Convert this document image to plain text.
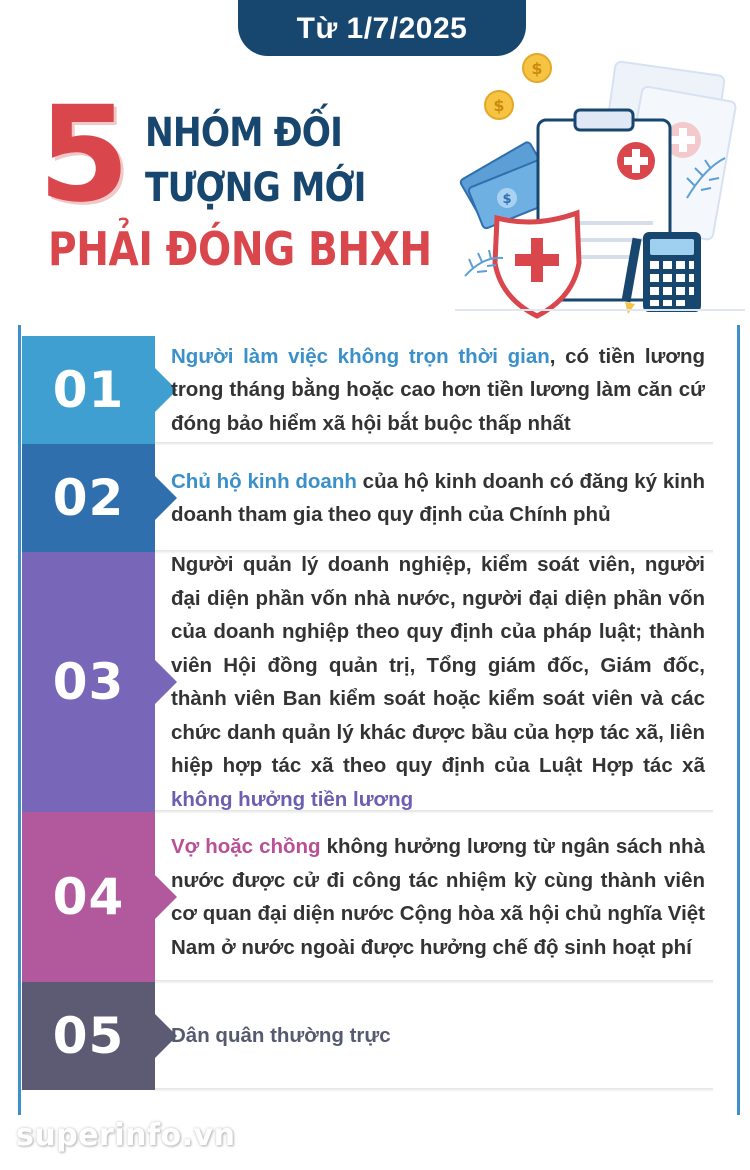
Từ 1/7/2025
5 NHÓM ĐỐI
TƯỢNG MỚI
PHẢI ĐÓNG BHXH
$
$
$
01

Người làm việc không trọn thời gian, có tiền lương trong tháng bằng hoặc cao hơn tiền lương làm căn cứ đóng bảo hiểm xã hội bắt buộc thấp nhất

02 Chủ hộ kinh doanh của hộ kinh doanh có đăng ký kinh doanh tham gia theo quy định của Chính phủ

03

Người quản lý doanh nghiệp, kiểm soát viên, người đại diện phần vốn nhà nước, người đại diện phần vốn của doanh nghiệp theo quy định của pháp luật; thành viên Hội đồng quản trị, Tổng giám đốc, Giám đốc, thành viên Ban kiểm soát hoặc kiểm soát viên và các chức danh quản lý khác được bầu của hợp tác xã, liên hiệp hợp tác xã theo quy định của Luật Hợp tác xã không hưởng tiền lương

04

Vợ hoặc chồng không hưởng lương từ ngân sách nhà nước được cử đi công tác nhiệm kỳ cùng thành viên cơ quan đại diện nước Cộng hòa xã hội chủ nghĩa Việt Nam ở nước ngoài được hưởng chế độ sinh hoạt phí

05 Dân quân thường trực

superinfo.vn
